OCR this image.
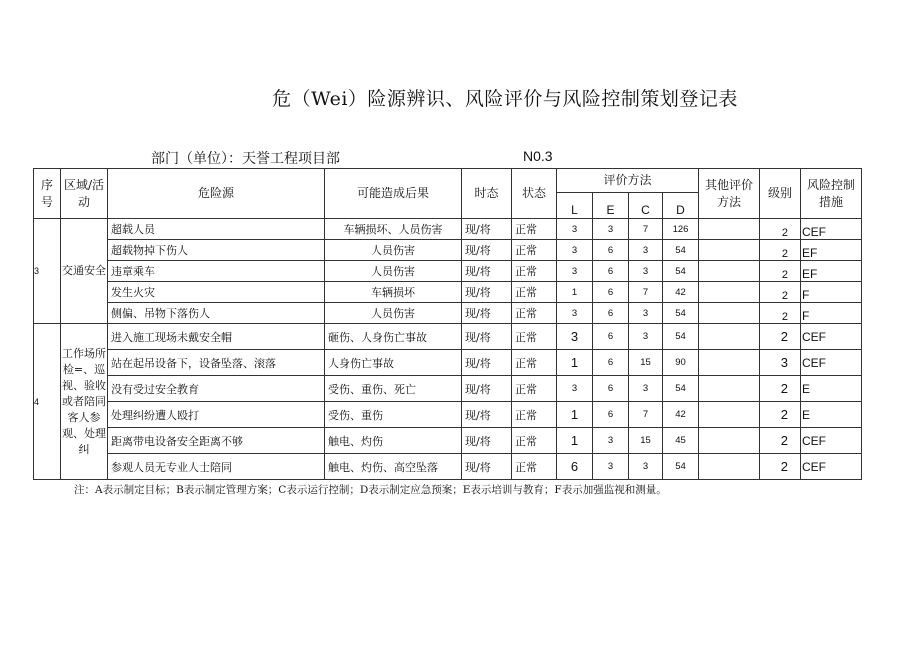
危（Wei）险源辨识、风险评价与风险控制策划登记表
部门（单位）：天誉工程项目部	N0.3
序号	区域/活动	危险源	可能造成后果	时态	状态	评价方法				其他评价方法	级别	风险控制措施

						L	E	C	D			
3	交通安全	超载人员	车辆损坏、人员伤害	现/将	正常	3	3	7	126		2	CEF
		超载物掉下伤人	人员伤害	现/将	正常	3	6	3	54		2	EF
		违章乘车	人员伤害	现/将	正常	3	6	3	54		2	EF
		发生火灾	车辆损坏	现/将	正常	1	6	7	42		2	F
		侧偏、吊物下落伤人	人员伤害	现/将	正常	3	6	3	54		2	F
4	工作场所检=、巡视、验收或者陪同客人参观、处理纠	进入施工现场未戴安全帽	砸伤、人身伤亡事故	现/将	正常	3	6	3	54		2	CEF
		站在起吊设备下，设备坠落、滚落	人身伤亡事故	现/将	正常	1	6	15	90		3	CEF
		没有受过安全教育	受伤、重伤、死亡	现/将	正常	3	6	3	54		2	E
		处理纠纷遭人殴打	受伤、重伤	现/将	正常	1	6	7	42		2	E
		距离带电设备安全距离不够	触电、灼伤	现/将	正常	1	3	15	45		2	CEF
		参观人员无专业人士陪同	触电、灼伤、高空坠落	现/将	正常	6	3	3	54		2	CEF
注：A表示制定目标；B表示制定管理方案；C表示运行控制；D表示制定应急预案；E表示培训与教育；F表示加强监视和测量。
